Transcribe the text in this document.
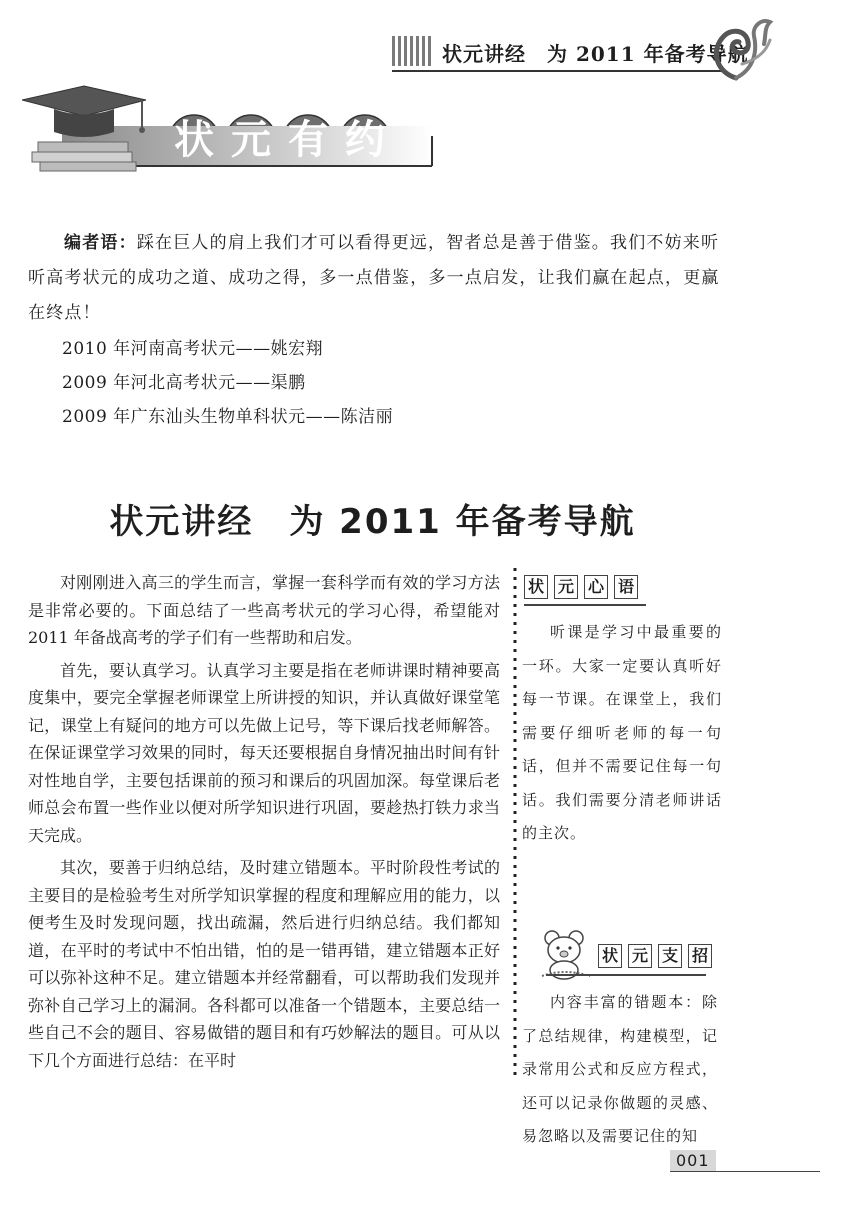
状元讲经　为 2011 年备考导航
状 元 有 约

编者语：踩在巨人的肩上我们才可以看得更远，智者总是善于借鉴。我们不妨来听听高考状元的成功之道、成功之得，多一点借鉴，多一点启发，让我们赢在起点，更赢在终点！

2010 年河南高考状元——姚宏翔
2009 年河北高考状元——渠鹏
2009 年广东汕头生物单科状元——陈洁丽
状元讲经　为 2011 年备考导航

对刚刚进入高三的学生而言，掌握一套科学而有效的学习方法是非常必要的。下面总结了一些高考状元的学习心得，希望能对 2011 年备战高考的学子们有一些帮助和启发。

首先，要认真学习。认真学习主要是指在老师讲课时精神要高度集中，要完全掌握老师课堂上所讲授的知识，并认真做好课堂笔记，课堂上有疑问的地方可以先做上记号，等下课后找老师解答。在保证课堂学习效果的同时，每天还要根据自身情况抽出时间有针对性地自学，主要包括课前的预习和课后的巩固加深。每堂课后老师总会布置一些作业以便对所学知识进行巩固，要趁热打铁力求当天完成。

其次，要善于归纳总结，及时建立错题本。平时阶段性考试的主要目的是检验考生对所学知识掌握的程度和理解应用的能力，以便考生及时发现问题，找出疏漏，然后进行归纳总结。我们都知道，在平时的考试中不怕出错，怕的是一错再错，建立错题本正好可以弥补这种不足。建立错题本并经常翻看，可以帮助我们发现并弥补自己学习上的漏洞。各科都可以准备一个错题本，主要总结一些自己不会的题目、容易做错的题目和有巧妙解法的题目。可从以下几个方面进行总结：在平时

状 元 心 语

听课是学习中最重要的一环。大家一定要认真听好每一节课。在课堂上，我们需要仔细听老师的每一句话，但并不需要记住每一句话。我们需要分清老师讲话的主次。

状 元 支 招

内容丰富的错题本：除了总结规律，构建模型，记录常用公式和反应方程式，还可以记录你做题的灵感、易忽略以及需要记住的知

001
